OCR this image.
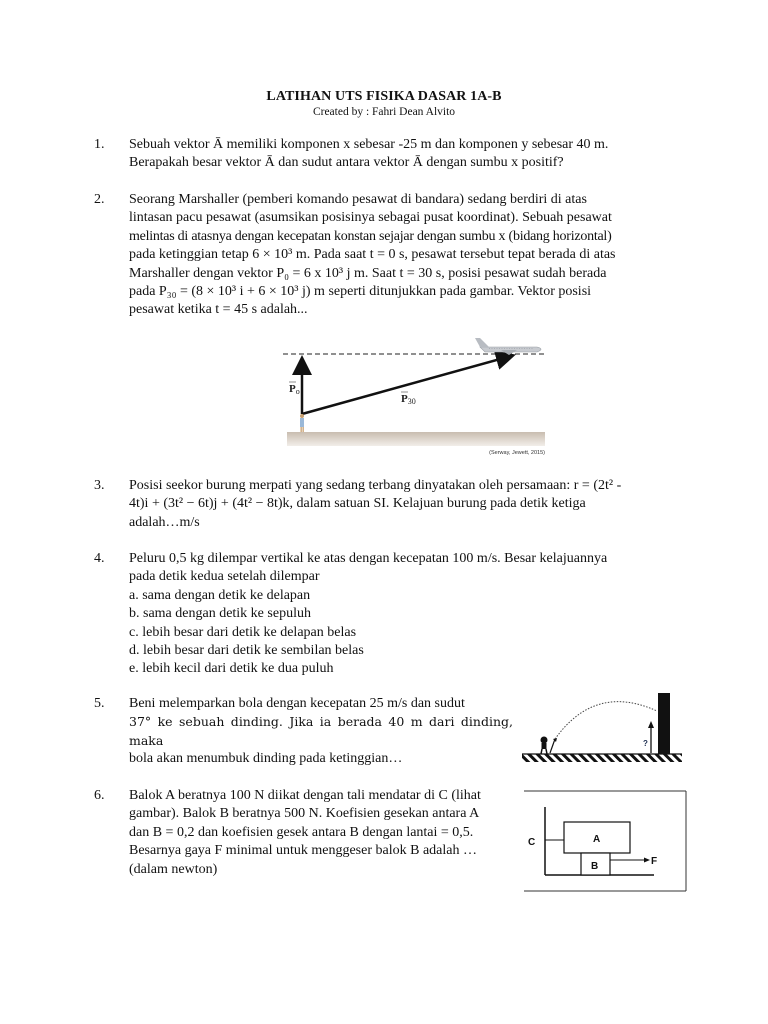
LATIHAN UTS FISIKA DASAR 1A-B
Created by : Fahri Dean Alvito
1.	Sebuah vektor Ā memiliki komponen x sebesar -25 m dan komponen y sebesar 40 m.

Berapakah besar vektor Ā dan sudut antara vektor Ā dengan sumbu x positif?

2.	Seorang Marshaller (pemberi komando pesawat di bandara) sedang berdiri di atas

lintasan pacu pesawat (asumsikan posisinya sebagai pusat koordinat). Sebuah pesawat

melintas di atasnya dengan kecepatan konstan sejajar dengan sumbu x (bidang horizontal)

pada ketinggian tetap 6 × 10³ m. Pada saat t = 0 s, pesawat tersebut tepat berada di atas

Marshaller dengan vektor P₀ = 6 x 10³ j m. Saat t = 30 s, posisi pesawat sudah berada

pada P₃₀ = (8 × 10³ i + 6 × 10³ j) m seperti ditunjukkan pada gambar. Vektor posisi

pesawat ketika t = 45 s adalah...

Po
P30
(Serway, Jewett, 2015)
3.	Posisi seekor burung merpati yang sedang terbang dinyatakan oleh persamaan: r = (2t² -

4t)i + (3t² − 6t)j + (4t² − 8t)k, dalam satuan SI. Kelajuan burung pada detik ketiga

adalah…m/s

4.	Peluru 0,5 kg dilempar vertikal ke atas dengan kecepatan 100 m/s. Besar kelajuannya

pada detik kedua setelah dilempar

a. sama dengan detik ke delapan

b. sama dengan detik ke sepuluh

c. lebih besar dari detik ke delapan belas

d. lebih besar dari detik ke sembilan belas

e. lebih kecil dari detik ke dua puluh

5.	Beni melemparkan bola dengan kecepatan 25 m/s dan sudut

37° ke sebuah dinding. Jika ia berada 40 m dari dinding, maka

bola akan menumbuk dinding pada ketinggian…

?
6.	Balok A beratnya 100 N diikat dengan tali mendatar di C (lihat

gambar). Balok B beratnya 500 N. Koefisien gesekan antara A

dan B = 0,2 dan koefisien gesek antara B dengan lantai = 0,5.

Besarnya gaya F minimal untuk menggeser balok B adalah …

(dalam newton)

C	A
B	F
